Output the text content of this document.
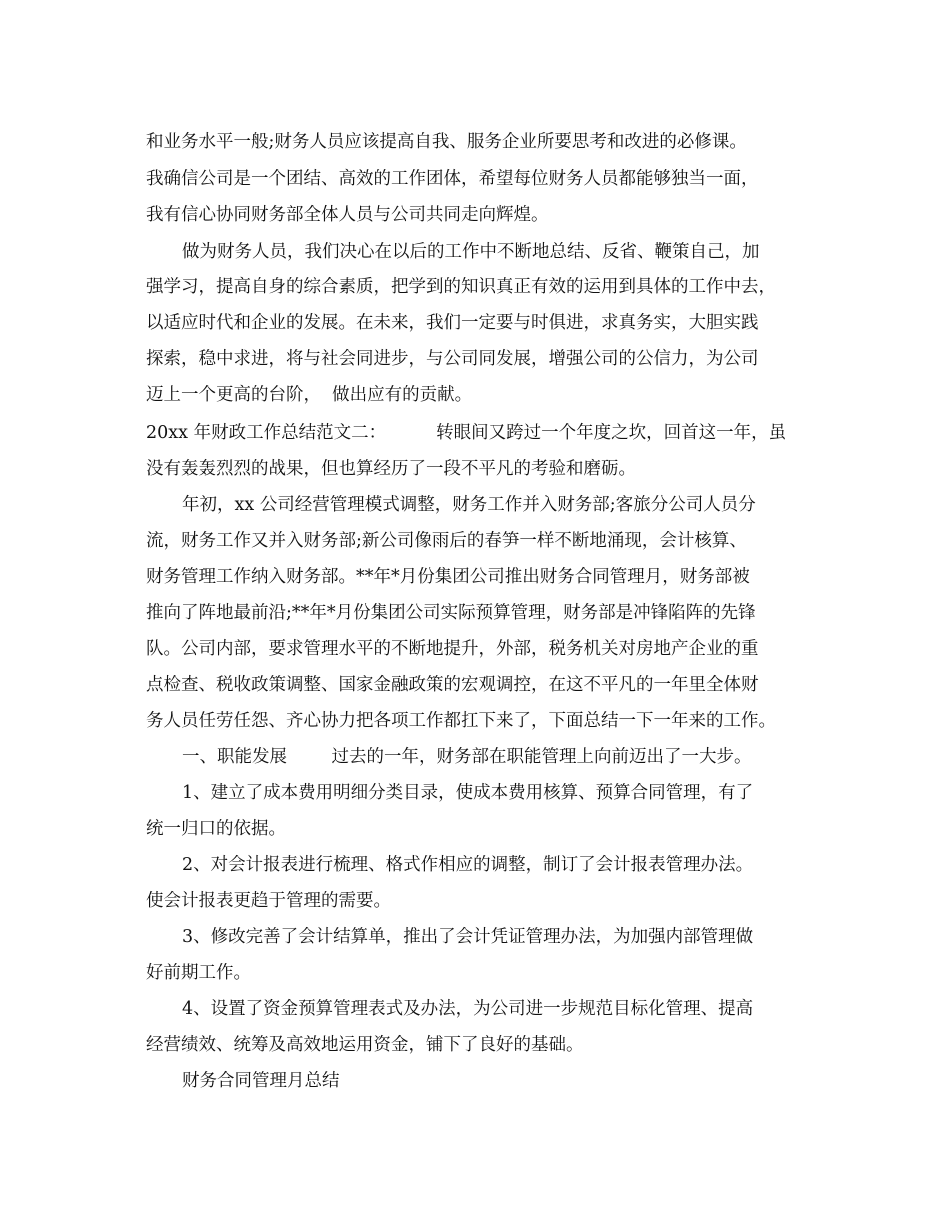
和业务水平一般;财务人员应该提高自我、服务企业所要思考和改进的必修课。
我确信公司是一个团结、高效的工作团体，希望每位财务人员都能够独当一面，
我有信心协同财务部全体人员与公司共同走向辉煌。
做为财务人员，我们决心在以后的工作中不断地总结、反省、鞭策自己，加
强学习，提高自身的综合素质，把学到的知识真正有效的运用到具体的工作中去，
以适应时代和企业的发展。在未来，我们一定要与时俱进，求真务实，大胆实践
探索，稳中求进，将与社会同进步，与公司同发展，增强公司的公信力，为公司
迈上一个更高的台阶，  做出应有的贡献。
20xx 年财政工作总结范文二：         转眼间又跨过一个年度之坎，回首这一年，虽
没有轰轰烈烈的战果，但也算经历了一段不平凡的考验和磨砺。
年初，xx 公司经营管理模式调整，财务工作并入财务部;客旅分公司人员分
流，财务工作又并入财务部;新公司像雨后的春笋一样不断地涌现，会计核算、
财务管理工作纳入财务部。**年*月份集团公司推出财务合同管理月，财务部被
推向了阵地最前沿;**年*月份集团公司实际预算管理，财务部是冲锋陷阵的先锋
队。公司内部，要求管理水平的不断地提升，外部，税务机关对房地产企业的重
点检查、税收政策调整、国家金融政策的宏观调控，在这不平凡的一年里全体财
务人员任劳任怨、齐心协力把各项工作都扛下来了，下面总结一下一年来的工作。
一、职能发展        过去的一年，财务部在职能管理上向前迈出了一大步。
1、建立了成本费用明细分类目录，使成本费用核算、预算合同管理，有了
统一归口的依据。
2、对会计报表进行梳理、格式作相应的调整，制订了会计报表管理办法。
使会计报表更趋于管理的需要。
3、修改完善了会计结算单，推出了会计凭证管理办法，为加强内部管理做
好前期工作。
4、设置了资金预算管理表式及办法，为公司进一步规范目标化管理、提高
经营绩效、统筹及高效地运用资金，铺下了良好的基础。
财务合同管理月总结
